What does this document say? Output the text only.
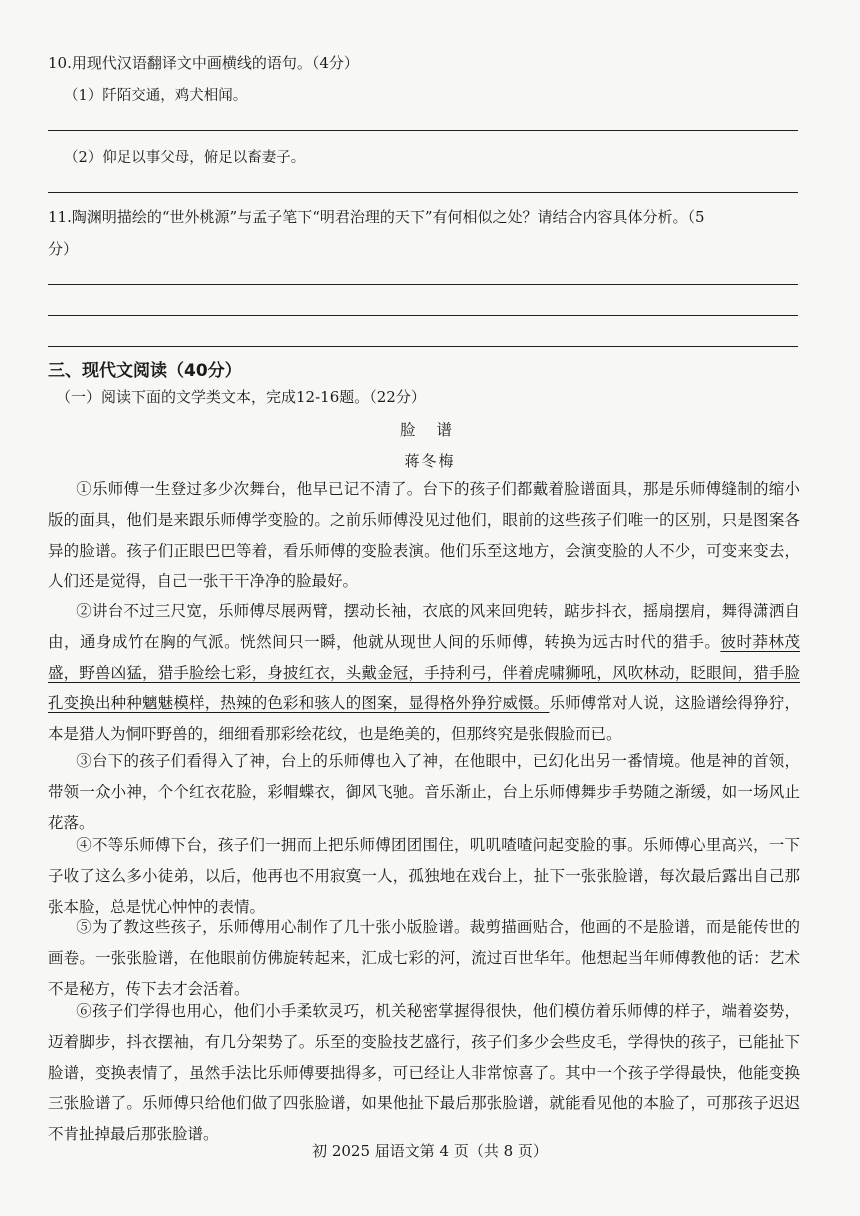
10.用现代汉语翻译文中画横线的语句。（4分）
（1）阡陌交通，鸡犬相闻。
（2）仰足以事父母，俯足以畜妻子。
11.陶渊明描绘的“世外桃源”与孟子笔下“明君治理的天下”有何相似之处？请结合内容具体分析。（5
分）
三、现代文阅读（40分）
（一）阅读下面的文学类文本，完成12-16题。（22分）
脸 谱
蒋冬梅
①乐师傅一生登过多少次舞台，他早已记不清了。台下的孩子们都戴着脸谱面具，那是乐师傅缝制的缩小版的面具，他们是来跟乐师傅学变脸的。之前乐师傅没见过他们，眼前的这些孩子们唯一的区别，只是图案各异的脸谱。孩子们正眼巴巴等着，看乐师傅的变脸表演。他们乐至这地方，会演变脸的人不少，可变来变去，人们还是觉得，自己一张干干净净的脸最好。
②讲台不过三尺宽，乐师傅尽展两臂，摆动长袖，衣底的风来回兜转，踮步抖衣，摇扇摆肩，舞得潇洒自由，通身成竹在胸的气派。恍然间只一瞬，他就从现世人间的乐师傅，转换为远古时代的猎手。彼时莽林茂盛，野兽凶猛，猎手脸绘七彩，身披红衣，头戴金冠，手持利弓，伴着虎啸狮吼，风吹林动，眨眼间，猎手脸孔变换出种种魑魅模样，热辣的色彩和骇人的图案，显得格外狰狞威慑。乐师傅常对人说，这脸谱绘得狰狞，本是猎人为恫吓野兽的，细细看那彩绘花纹，也是绝美的，但那终究是张假脸而已。
③台下的孩子们看得入了神，台上的乐师傅也入了神，在他眼中，已幻化出另一番情境。他是神的首领，带领一众小神，个个红衣花脸，彩帽蝶衣，御风飞驰。音乐渐止，台上乐师傅舞步手势随之渐缓，如一场风止花落。
④不等乐师傅下台，孩子们一拥而上把乐师傅团团围住，叽叽喳喳问起变脸的事。乐师傅心里高兴，一下子收了这么多小徒弟，以后，他再也不用寂寞一人，孤独地在戏台上，扯下一张张脸谱，每次最后露出自己那张本脸，总是忧心忡忡的表情。
⑤为了教这些孩子，乐师傅用心制作了几十张小版脸谱。裁剪描画贴合，他画的不是脸谱，而是能传世的画卷。一张张脸谱，在他眼前仿佛旋转起来，汇成七彩的河，流过百世华年。他想起当年师傅教他的话：艺术不是秘方，传下去才会活着。
⑥孩子们学得也用心，他们小手柔软灵巧，机关秘密掌握得很快，他们模仿着乐师傅的样子，端着姿势，迈着脚步，抖衣摆袖，有几分架势了。乐至的变脸技艺盛行，孩子们多少会些皮毛，学得快的孩子，已能扯下脸谱，变换表情了，虽然手法比乐师傅要拙得多，可已经让人非常惊喜了。其中一个孩子学得最快，他能变换三张脸谱了。乐师傅只给他们做了四张脸谱，如果他扯下最后那张脸谱，就能看见他的本脸了，可那孩子迟迟不肯扯掉最后那张脸谱。
初 2025 届语文第 4 页（共 8 页）
